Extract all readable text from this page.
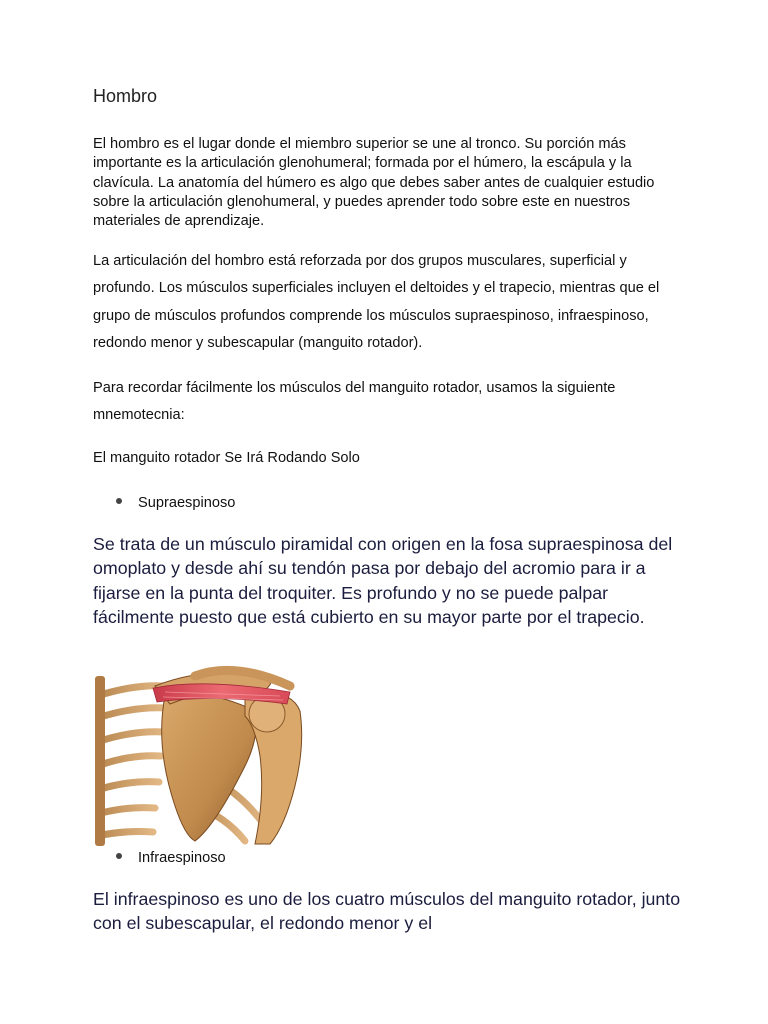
Hombro
El hombro es el lugar donde el miembro superior se une al tronco. Su porción más importante es la articulación glenohumeral; formada por el húmero, la escápula y la clavícula. La anatomía del húmero es algo que debes saber antes de cualquier estudio sobre la articulación glenohumeral, y puedes aprender todo sobre este en nuestros materiales de aprendizaje.
La articulación del hombro está reforzada por dos grupos musculares, superficial y profundo. Los músculos superficiales incluyen el deltoides y el trapecio, mientras que el grupo de músculos profundos comprende los músculos supraespinoso, infraespinoso, redondo menor y subescapular (manguito rotador).
Para recordar fácilmente los músculos del manguito rotador, usamos la siguiente mnemotecnia:
El manguito rotador Se Irá Rodando Solo
Supraespinoso
Se trata de un músculo piramidal con origen en la fosa supraespinosa del omoplato y desde ahí su tendón pasa por debajo del acromio para ir a fijarse en la punta del troquiter. Es profundo y no se puede palpar fácilmente puesto que está cubierto en su mayor parte por el trapecio.
Infraespinoso
El infraespinoso es uno de los cuatro músculos del manguito rotador, junto con el subescapular, el redondo menor y el
